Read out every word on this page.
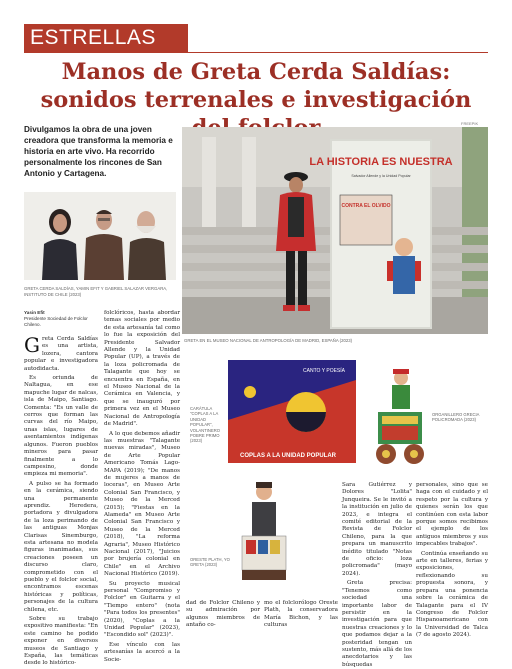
ESTRELLAS
Manos de Greta Cerda Saldías: sonidos terrenales e investigación
FREEPIK
Divulgamos la obra de una joven creadora que transforma la memoria e historia en arte vivo. Ha recorrido personalmente los rincones de San Antonio y Cartagena.
GRETA CERDA SALDÍAS, YAMIN EFIT Y GABRIEL SALAZAR VERGARA, INSTITUTO DE CHILE (2023)
LA HISTORIA ES NUESTRA
Salvador Allende y la Unidad Popular
CONTRA EL OLVIDO
GRETA EN EL MUSEO NACIONAL DE ANTROPOLOGÍA DE MADRID, ESPAÑA (2023)
CANTO Y POESÍA
COPLAS A LA UNIDAD POPULAR
CARÁTULA "COPLAS A LA UNIDAD POPULAR", VOLANTINERO POBRE PRIMO (2023)
ORGANILLERO GRECIA POLICROMADA (2023)
ORESTE PLATH, YO GRETA (2023)
Yasin Efit
Presidente Sociedad de Folclor Chileno.

Greta Cerda Saldías es una artista, lozera, cantora popular e investigadora autodidacta.

Es oriunda de Naltagua, en ese mapuche lugar de nalcas, isla de Maipo, Santiago. Comenta: "Es un valle de cerros que forman las curvas del río Maipo, unas islas, lugares de asentamientos indígenas algunos. Fueron pueblos mineros para pasar finalmente a lo campesino, donde empieza mi memoria".

A pulso se ha formado en la cerámica, siendo una permanente aprendiz. Heredera, portadora y divulgadora de la loza perimando de las antiguas Monjas Clarisas Sinemburgo, esta artesana no modela figuras inanimadas, sus creaciones poseen un discurso claro, comprometido con el pueblo y el folclor social, encontramos escenas históricas y políticas, personajes de la cultura chilena, etc.

Sobre su trabajo expositivo manifiesta: "En este camino he podido exponer en diversos museos de Santiago y España, las temáticas desde lo histórico-

folclóricos, hasta abordar temas sociales por medio de esta artesanía tal como lo fue la exposición del Presidente Salvador Allende y la Unidad Popular (UP), a través de la loza policromada de Talagante que hoy se encuentra en España, en el Museo Nacional de la Cerámica en Valencia, y que se inauguró por primera vez en el Museo Nacional de Antropología de Madrid".

A lo que debemos añadir las muestras "Talagante nuevas miradas", Museo de Arte Popular Americano Tomás Lago-MAPA (2019); "De manos de mujeres a manos de loceras", en Museo Arte Colonial San Francisco, y Museo de la Merced (2015); "Fiestas en la Alameda" en Museo Arte Colonial San Francisco y Museo de la Merced (2018), "La reforma Agraria", Museo Histórico Nacional (2017), "Juicios por brujería colonial en Chile" en el Archivo Nacional Histórico (2019).

Su proyecto musical personal "Compromiso y Folclor" en Guitarra y el "Tiempo entero" (nota "Para todos los presentes" (2020), "Coplas a la Unidad Popular" (2023), "Escondido sol" (2023)".

Ese vínculo con las artesanías la acercó a la Socie-

dad de Folclor Chileno y su admiración por algunos miembros de antaño co-

mo el folclorólogo Oreste Plath, la conservadora María Bichon, y las culturas

Sara Gutiérrez y Dolores "Lolita" Junqueira. Se le invitó a la institución en julio de 2023, e integra el comité editorial de la Revista de Folclor Chileno, para la que prepara un manuscrito inédito titulado "Notas de oficio: loza policromada" (mayo 2024).

Greta precisa: "Tenemos como sociedad una importante labor de persistir en la investigación para que nuestras creaciones y lo que podamos dejar a la posteridad tengan un sustento, más allá de los anecdotarios y las búsquedas

personales, sino que se haga con el cuidado y el respeto por la cultura y quienes serán los que continúen con esta labor porque somos recibimos el ejemplo de los antiguos miembros y sus impecables trabajos".

Continúa enseñando su arte en talleres, ferias y exposiciones, reflexionando su propuesta sonora, y prepara una ponencia sobre la cerámica de Talagante para el IV Congreso de Folclor Hispanoamericano con la Universidad de Talca (7 de agosto 2024).
